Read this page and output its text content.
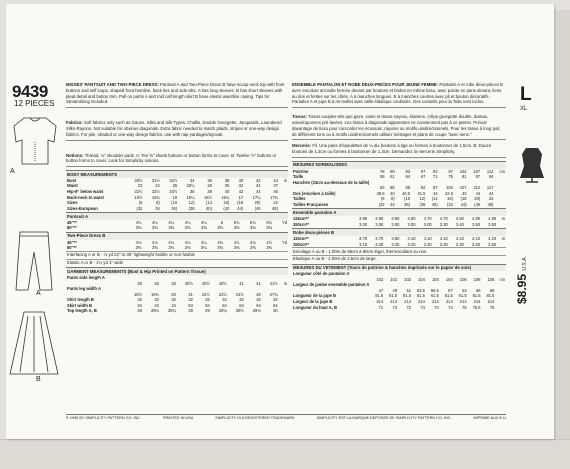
9439
12 PIECES
A
A
B
MISSES' PANTSUIT AND TWO-PIECE DRESS: Pantsuit A and Two-Piece Dress B have scoop neck top with front buttons and self loops, shaped front hemline, back ties and side slits. A has long sleeves. B has short sleeves with pleat detail and button trim. Pull on pants A and mid calf length skirt B have elastic waistline casing. Tips for Streamlining included.
Fabrics: Soft fabrics only such as Gauze, Silks and Silk Types, Challis, Double Georgette, Jacquards, Laundered Silks-Rayons. Not suitable for obvious diagonals. Extra fabric needed to match plaids, stripes or one-way design fabrics. For pile, shaded or one-way design fabrics, use with nap yardages/layouts.
Notions: Thread, ¼" shoulder pads. A: Ten ⅝" shank buttons or button forms to cover. B: Twelve ½" buttons or button forms to cover. Look for Simplicity notions.
BODY MEASUREMENTS
Bust	30½	31½	32½	34	36	38	40	42	44	in
Waist	23	24	25	26½	28	30	32	34	37	
Hip-9" below waist	32½	33½	34½	36	38	40	42	44	46	
Back-neck to waist	15½	15¾	16	16¼	16½	16¾	17	17¼	17⅜	
Sizes	(6	8)	(10	12)	(14	16)	(18	20)	22	
Sizes-European	(32	34	36)	(38	40)	(42	44)	(46	48)	
Pantsuit A
45"**	4¼	4¼	4¼	4¼	4¼	5	5¾	5¾	5¾	Yd
60"**	3⅜	3⅜	3⅜	3⅜	3⅜	3⅜	3⅜	3⅜	3⅜	
Two-Piece Dress B
45"**	4⅛	4⅛	4⅛	4⅛	4¼	4⅜	4½	4¾	4½	Yd
60"**	3⅜	3⅜	3⅜	3⅜	3¼	3⅜	3⅜	3⅜	3⅜	
Interfacing A or B - ⅛ yd 22" to 36" lightweight fusible or non-fusible
Elastic A or B - 1⅛ yd 1" wide
GARMENT MEASUREMENTS (Bust & Hip Printed on Pattern Tissue)
Pants side length A										
	40	40	40	40½	40½	40½	41	41	41½	In
Pants leg width A										
	18½	19¾	20	21	22½	23½	24½	26	27¾	
Shirt length B	32	32	32	32	32	32	32	32	32	
Skirt width B	34	34	34	84	84	84	84	84	84	
Top length A, B	28	28¼	28¾	29	29	29¼	29½	29¾	30	
ENSEMBLE PANTALON ET ROBE DEUX-PIECES POUR JEUNE FEMME: Pantalon A et robe deux-pièces B avec encolure arrondie fermée devant par boutons et brides en même tissu, avec pointe en pans devant, liens au dos et fentes sur les côtés. A à manches longues. B à manches courtes avec pli et bouton décoratifs. Pantalon A et jupe B à mi-mollet avec taille élastique coulissée. Des conseils pour la Toile sont inclus.
Tissus: Tissus souples tels que gaze, soies et tissus soyeux, étamine, crêpe georgette double, damas, soies/rayonnes pré-lavées. Les tissus à diagonale apparentes ne conviennent pas à ce patron. Prévoir davantage de tissu pour raccorder les écossais, rayures ou motifs unidirectionnels. Pour les tissus à long poil, de différents tons ou à motifs unidirectionnels utilisez métrages et plans de coupe "avec sens."
Mercerie: Fil. Une paire d'épaulettes de ¼ dix boutons à tige ou formes à boutonner de 1.5cm. B: Douze boutons de 1.3cm ou formes à boutonner de 1.3cm. Demandez la mercerie Simplicity.
MESURES NORMALISEES
Poitrine	78	80	83	87	92	97	102	107	112	cm
Taille	58	61	64	67	71	76	81	87	94	
Hanches (23cm au-dessous de la taille)										
	83	85	88	92	97	102	107	112	117	
Dos (encolure à taille)	39.5	40	40.5	41.5	42	42.5	43	44	44	
Tailles	(6	8)	(10	12)	(14	16)	(18	20)	22	
Tailles-Françaises	(32	34	36)	(38	40)	(42	44)	(46	48)	
Ensemble pantalon A
115cm**	3.90	3.90	3.90	4.60	4.70	4.70	4.80	4.80	4.80	m
150cm**	3.00	3.00	3.00	3.00	3.00	3.30	3.40	3.50	3.50	
Robe deux-pièces B
115cm**	3.70	3.70	3.80	4.10	4.10	4.10	4.10	4.10	4.20	m
150cm**	3.10	3.20	3.20	3.20	3.30	3.30	3.30	3.50	3.50	
Entoilage A ou B - 1.00m de 55cm à 90cm léger, thermocollant ou non.
Elastique A ou B - 1.00m de 2.5cm de large.
MESURES DU VETEMENT (Tours de poitrine & hanches imprimés sur le papier de soie)
Longueur côté de pantalon A										
	102	102	102	104	104	104	106	106	106	cm
Largeur de jambe ensemble pantalon A										
	47	49	51	53.5	56.5	57	63	66	69	
Longueur de la jupe B	81.5	81.5	81.5	81.5	81.5	81.5	81.5	81.5	81.5	
Largeur de la jupe B	214	214	214	214	214	214	214	214	214	
Longueur du haut A, B	71	72	72	74	74	74	75	75.5	76	
L
XL
$8.95 U.S.A.
© 1995 BY SIMPLICITY PATTERN CO. INC.	PRINTED IN USA	SIMPLICITY IS A REGISTERED TRADEMARK	SIMPLICITY EST LA MARQUE DEPOSEE DE SIMPLICITY PATTERN CO. INC.	IMPRIME AUX E-U
